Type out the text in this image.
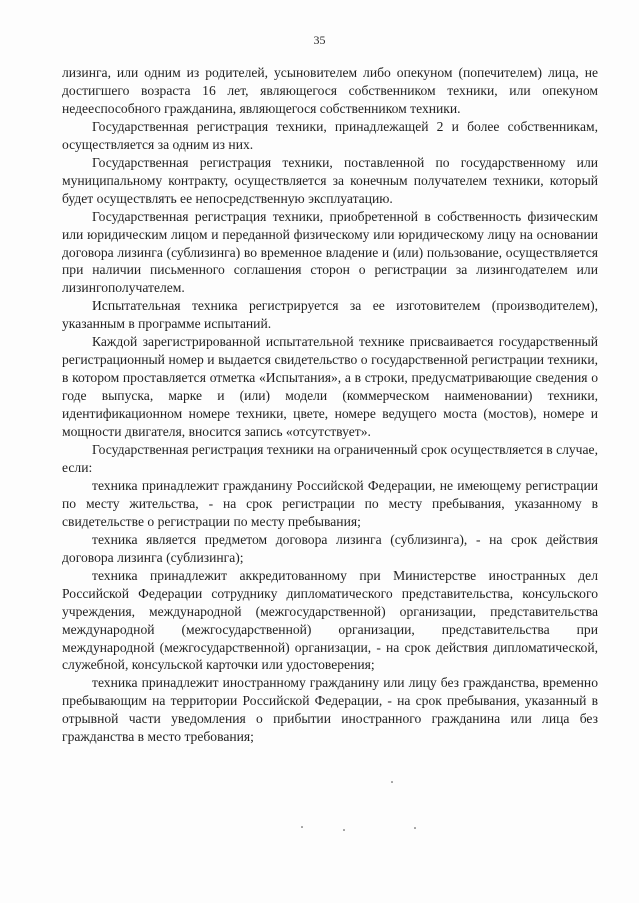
35

лизинга, или одним из родителей, усыновителем либо опекуном (попечителем) лица, не достигшего возраста 16 лет, являющегося собственником техники, или опекуном недееспособного гражданина, являющегося собственником техники.

Государственная регистрация техники, принадлежащей 2 и более собственникам, осуществляется за одним из них.

Государственная регистрация техники, поставленной по государственному или муниципальному контракту, осуществляется за конечным получателем техники, который будет осуществлять ее непосредственную эксплуатацию.

Государственная регистрация техники, приобретенной в собственность физическим или юридическим лицом и переданной физическому или юридическому лицу на основании договора лизинга (сублизинга) во временное владение и (или) пользование, осуществляется при наличии письменного соглашения сторон о регистрации за лизингодателем или лизингополучателем.

Испытательная техника регистрируется за ее изготовителем (производителем), указанным в программе испытаний.

Каждой зарегистрированной испытательной технике присваивается государственный регистрационный номер и выдается свидетельство о государственной регистрации техники, в котором проставляется отметка «Испытания», а в строки, предусматривающие сведения о годе выпуска, марке и (или) модели (коммерческом наименовании) техники, идентификационном номере техники, цвете, номере ведущего моста (мостов), номере и мощности двигателя, вносится запись «отсутствует».

Государственная регистрация техники на ограниченный срок осуществляется в случае, если:

техника принадлежит гражданину Российской Федерации, не имеющему регистрации по месту жительства, - на срок регистрации по месту пребывания, указанному в свидетельстве о регистрации по месту пребывания;

техника является предметом договора лизинга (сублизинга), - на срок действия договора лизинга (сублизинга);

техника принадлежит аккредитованному при Министерстве иностранных дел Российской Федерации сотруднику дипломатического представительства, консульского учреждения, международной (межгосударственной) организации, представительства международной (межгосударственной) организации, представительства при международной (межгосударственной) организации, - на срок действия дипломатической, служебной, консульской карточки или удостоверения;

техника принадлежит иностранному гражданину или лицу без гражданства, временно пребывающим на территории Российской Федерации, - на срок пребывания, указанный в отрывной части уведомления о прибытии иностранного гражданина или лица без гражданства в место требования;
